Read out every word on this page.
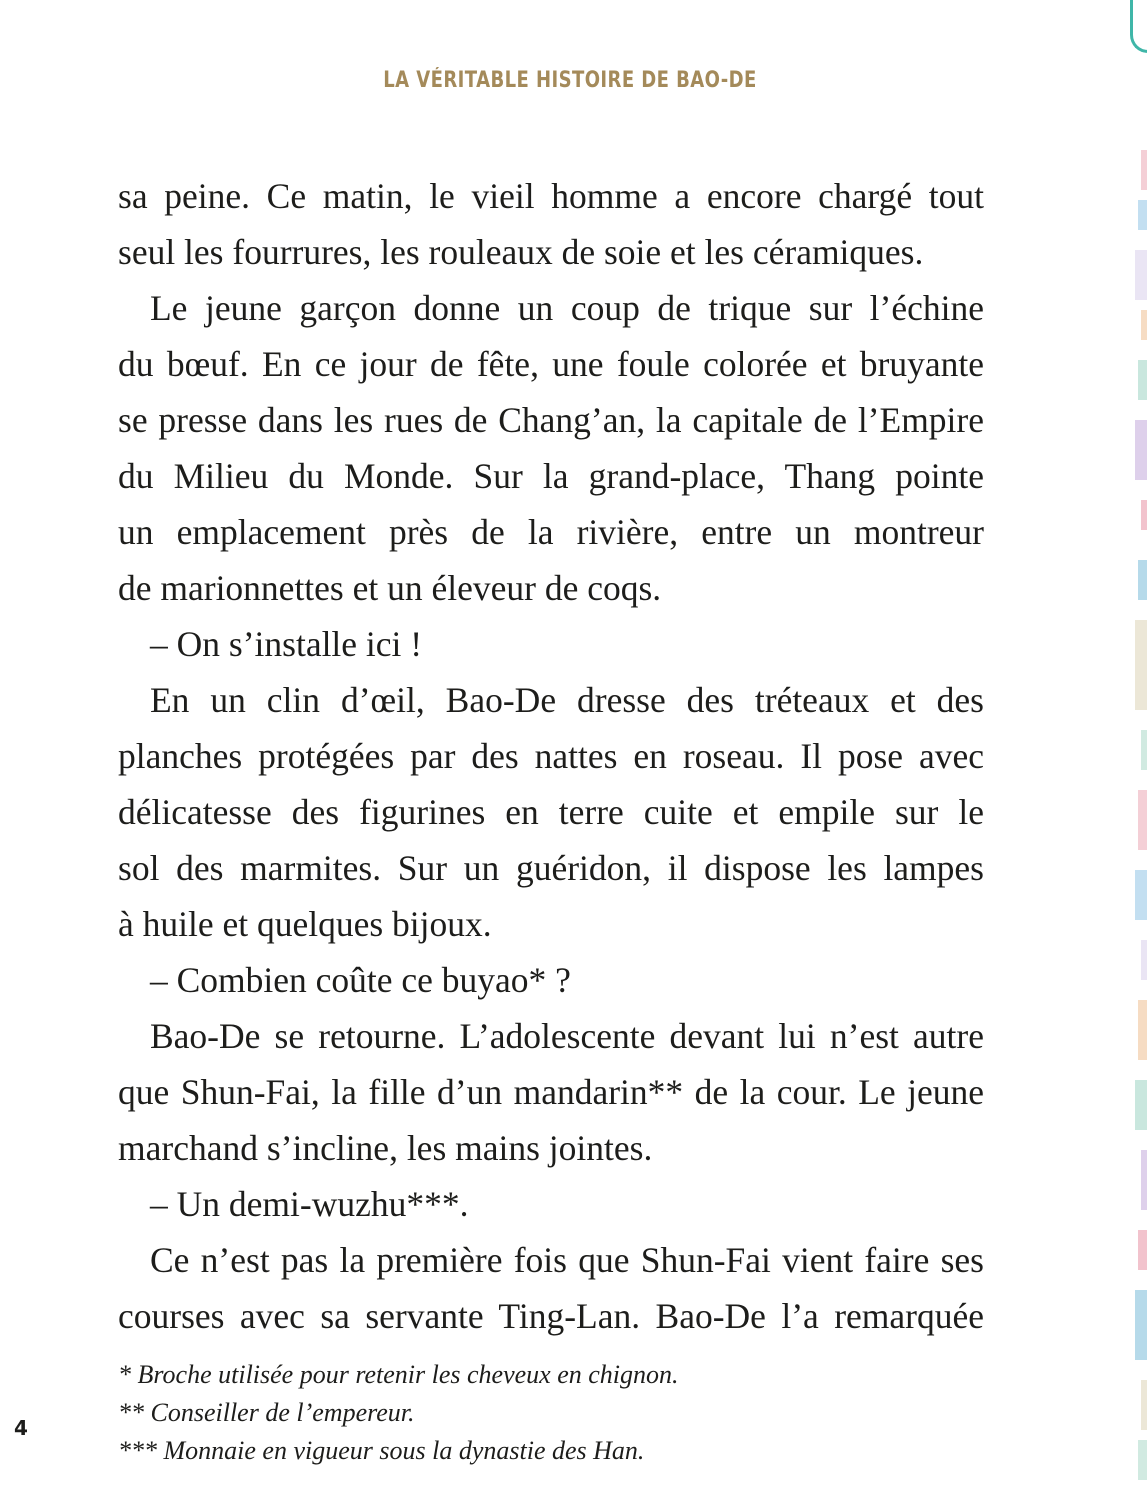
LA VÉRITABLE HISTOIRE DE BAO-DE
sa peine. Ce matin, le vieil homme a encore chargé tout
seul les fourrures, les rouleaux de soie et les céramiques.
Le jeune garçon donne un coup de trique sur l’échine
du bœuf. En ce jour de fête, une foule colorée et bruyante
se presse dans les rues de Chang’an, la capitale de l’Empire
du Milieu du Monde. Sur la grand-place, Thang pointe
un emplacement près de la rivière, entre un montreur
de marionnettes et un éleveur de coqs.
– On s’installe ici !
En un clin d’œil, Bao-De dresse des tréteaux et des
planches protégées par des nattes en roseau. Il pose avec
délicatesse des figurines en terre cuite et empile sur le
sol des marmites. Sur un guéridon, il dispose les lampes
à huile et quelques bijoux.
– Combien coûte ce buyao* ?
Bao-De se retourne. L’adolescente devant lui n’est autre
que Shun-Fai, la fille d’un mandarin** de la cour. Le jeune
marchand s’incline, les mains jointes.
– Un demi-wuzhu***.
Ce n’est pas la première fois que Shun-Fai vient faire ses
courses avec sa servante Ting-Lan. Bao-De l’a remarquée
* Broche utilisée pour retenir les cheveux en chignon.
** Conseiller de l’empereur.
*** Monnaie en vigueur sous la dynastie des Han.
4
